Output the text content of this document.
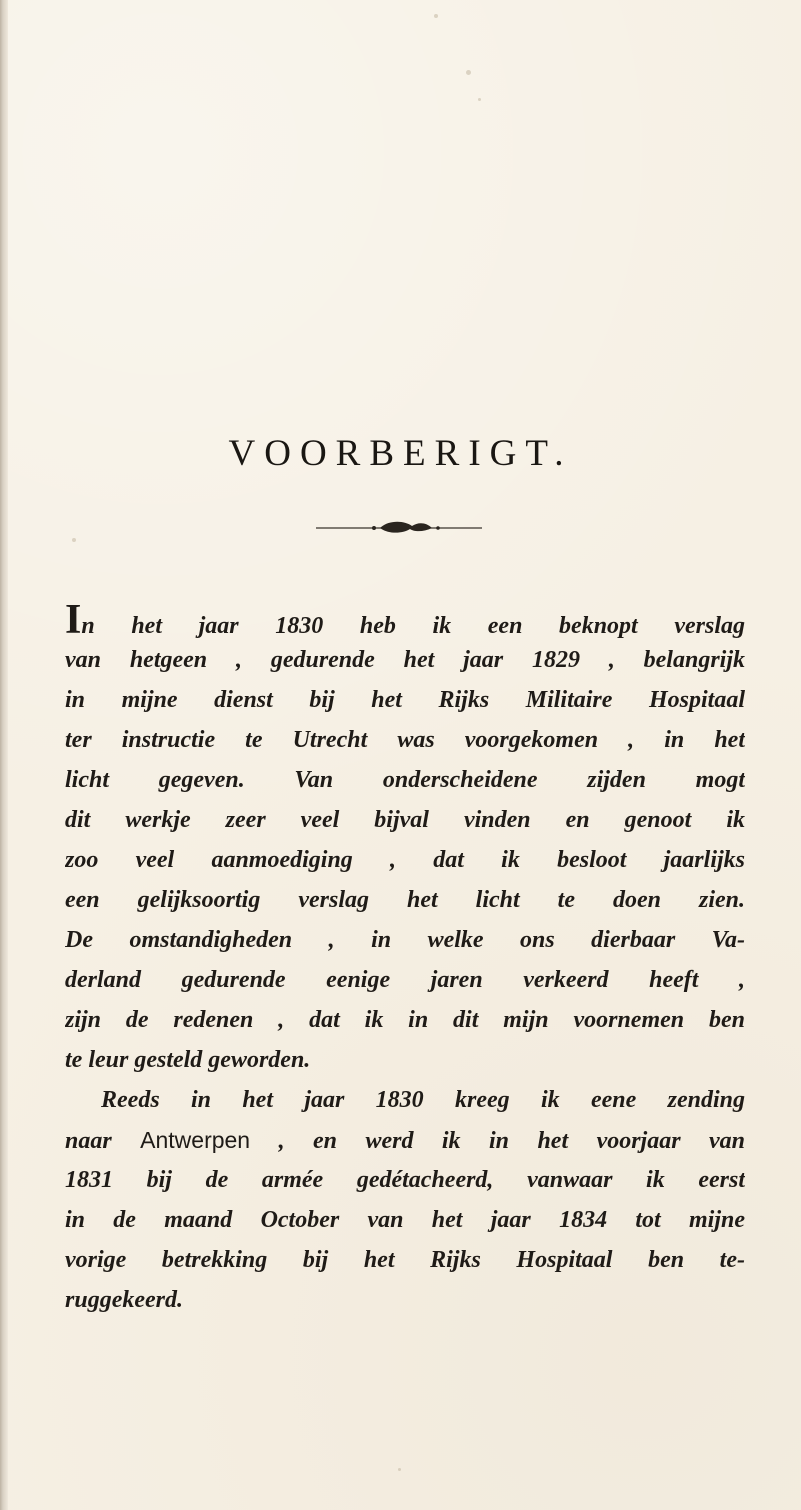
VOORBERIGT.
In het jaar 1830 heb ik een beknopt verslag
van hetgeen , gedurende het jaar 1829 , belangrijk
in mijne dienst bij het Rijks Militaire Hospitaal
ter instructie te Utrecht was voorgekomen , in het
licht gegeven. Van onderscheidene zijden mogt
dit werkje zeer veel bijval vinden en genoot ik
zoo veel aanmoediging , dat ik besloot jaarlijks
een gelijksoortig verslag het licht te doen zien.
De omstandigheden , in welke ons dierbaar Va-
derland gedurende eenige jaren verkeerd heeft ,
zijn de redenen , dat ik in dit mijn voornemen ben
te leur gesteld geworden.
Reeds in het jaar 1830 kreeg ik eene zending
naar Antwerpen , en werd ik in het voorjaar van
1831 bij de armée gedétacheerd, vanwaar ik eerst
in de maand October van het jaar 1834 tot mijne
vorige betrekking bij het Rijks Hospitaal ben te-
ruggekeerd.
